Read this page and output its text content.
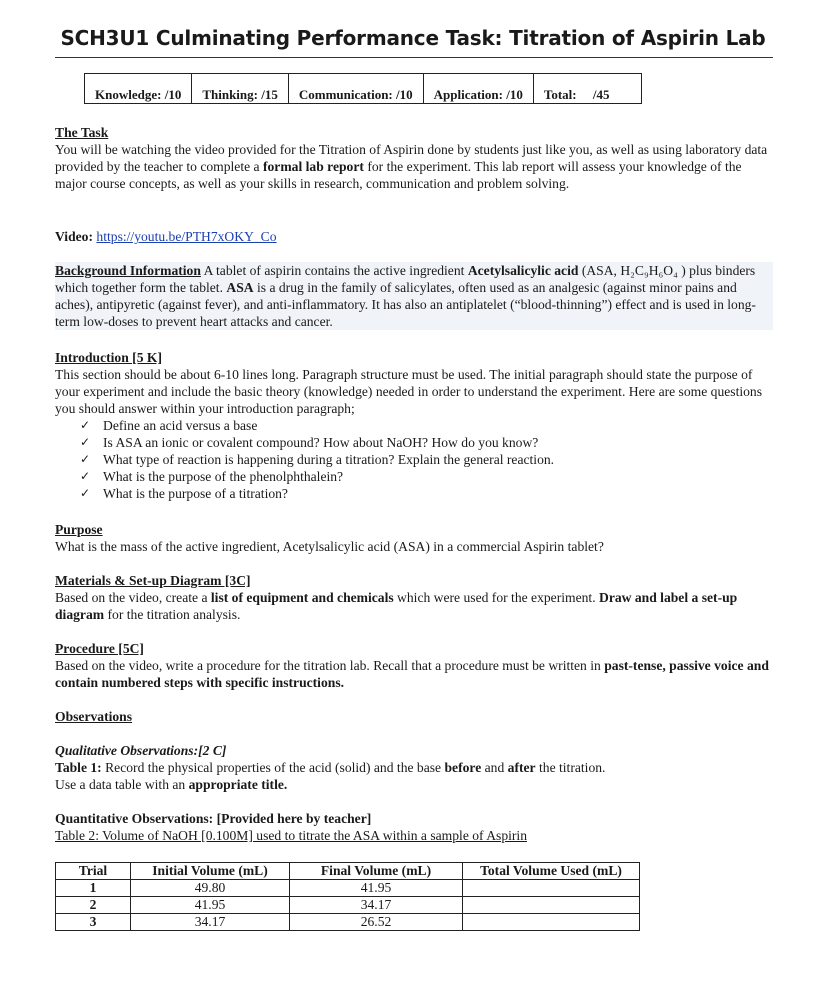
SCH3U1 Culminating Performance Task: Titration of Aspirin Lab
Knowledge: /10	Thinking: /15	Communication: /10	Application: /10	Total: /45
The Task
You will be watching the video provided for the Titration of Aspirin done by students just like you, as well as using laboratory data provided by the teacher to complete a formal lab report for the experiment. This lab report will assess your knowledge of the major course concepts, as well as your skills in research, communication and problem solving.
Video: https://youtu.be/PTH7xOKY_Co
Background Information A tablet of aspirin contains the active ingredient Acetylsalicylic acid (ASA, H₂C₉H₆O₄ ) plus binders which together form the tablet. ASA is a drug in the family of salicylates, often used as an analgesic (against minor pains and aches), antipyretic (against fever), and anti-inflammatory. It has also an antiplatelet (“blood-thinning”) effect and is used in long-term low-doses to prevent heart attacks and cancer.
Introduction [5 K]
This section should be about 6-10 lines long. Paragraph structure must be used. The initial paragraph should state the purpose of your experiment and include the basic theory (knowledge) needed in order to understand the experiment. Here are some questions you should answer within your introduction paragraph;
✓ Define an acid versus a base
✓ Is ASA an ionic or covalent compound? How about NaOH? How do you know?
✓ What type of reaction is happening during a titration? Explain the general reaction.
✓ What is the purpose of the phenolphthalein?
✓ What is the purpose of a titration?
Purpose
What is the mass of the active ingredient, Acetylsalicylic acid (ASA) in a commercial Aspirin tablet?
Materials & Set-up Diagram [3C]
Based on the video, create a list of equipment and chemicals which were used for the experiment. Draw and label a set-up diagram for the titration analysis.
Procedure [5C]
Based on the video, write a procedure for the titration lab. Recall that a procedure must be written in past-tense, passive voice and contain numbered steps with specific instructions.
Observations
Qualitative Observations:[2 C]
Table 1: Record the physical properties of the acid (solid) and the base before and after the titration.
Use a data table with an appropriate title.
Quantitative Observations: [Provided here by teacher]
Table 2: Volume of NaOH [0.100M] used to titrate the ASA within a sample of Aspirin
Trial	Initial Volume (mL)	Final Volume (mL)	Total Volume Used (mL)
1	49.80	41.95	
2	41.95	34.17	
3	34.17	26.52	
